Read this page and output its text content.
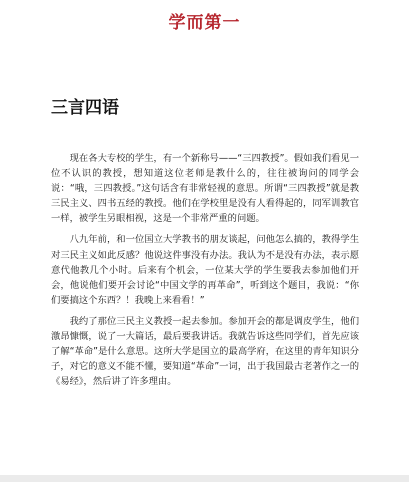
学而第一
三言四语

现在各大专校的学生，有一个新称号——“三四教授”。假如我们看见一位不认识的教授，想知道这位老师是教什么的，往往被询问的同学会说：“哦，三四教授。”这句话含有非常轻视的意思。所谓“三四教授”就是教三民主义、四书五经的教授。他们在学校里是没有人看得起的，同军训教官一样，被学生另眼相视，这是一个非常严重的问题。

八九年前，和一位国立大学教书的朋友谈起，问他怎么搞的，教得学生对三民主义如此反感？他说这件事没有办法。我认为不是没有办法，表示愿意代他教几个小时。后来有个机会，一位某大学的学生要我去参加他们开会，他说他们要开会讨论“中国文学的再革命”，听到这个题目，我说：“你们要搞这个东西？！我晚上来看看！”

我约了那位三民主义教授一起去参加。参加开会的都是调皮学生，他们激昂慷慨，说了一大篇话，最后要我讲话。我就告诉这些同学们，首先应该了解“革命”是什么意思。这所大学是国立的最高学府，在这里的青年知识分子，对它的意义不能不懂，要知道“革命”一词，出于我国最古老著作之一的《易经》，然后讲了许多理由。
